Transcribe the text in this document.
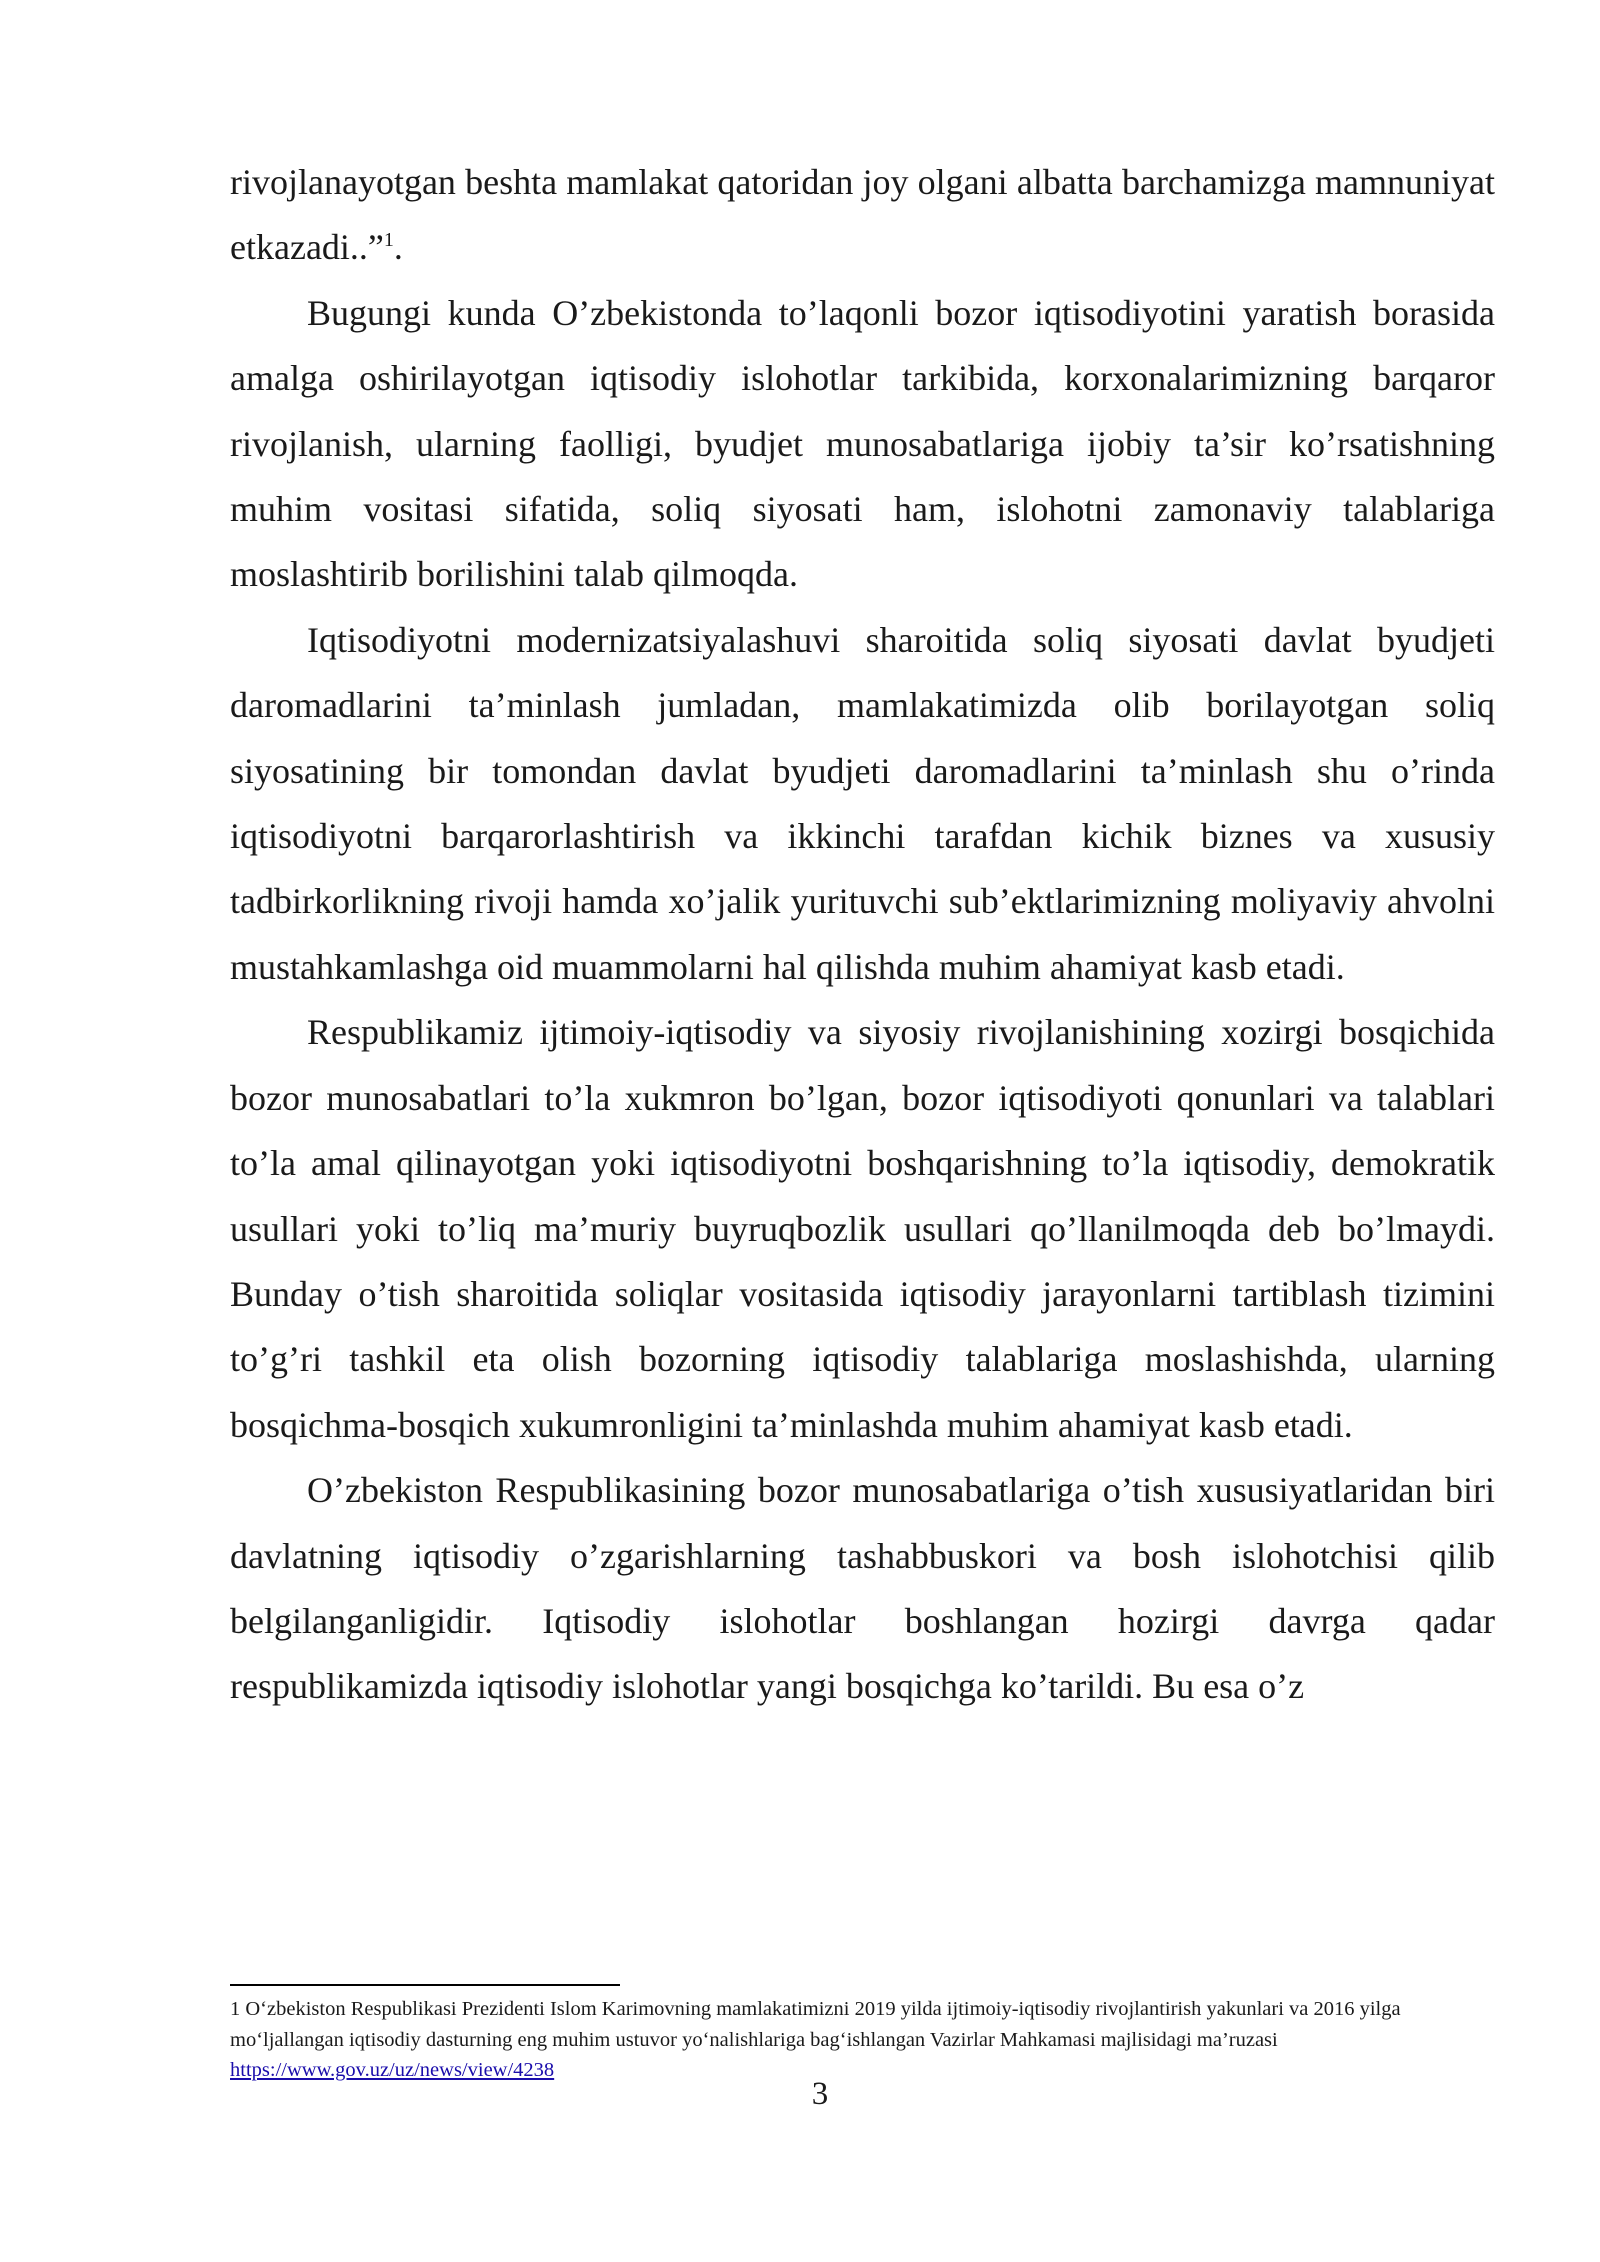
rivojlanayotgan beshta mamlakat qatoridan joy olgani albatta barchamizga mamnuniyat etkazadi..”$^1$.

Bugungi kunda O’zbekistonda to’laqonli bozor iqtisodiyotini yaratish borasida amalga oshirilayotgan iqtisodiy islohotlar tarkibida, korxonalarimizning barqaror rivojlanish, ularning faolligi, byudjet munosabatlariga ijobiy ta’sir ko’rsatishning muhim vositasi sifatida, soliq siyosati ham, islohotni zamonaviy talablariga moslashtirib borilishini talab qilmoqda.

Iqtisodiyotni modernizatsiyalashuvi sharoitida soliq siyosati davlat byudjeti daromadlarini ta’minlash jumladan, mamlakatimizda olib borilayotgan soliq siyosatining bir tomondan davlat byudjeti daromadlarini ta’minlash shu o’rinda iqtisodiyotni barqarorlashtirish va ikkinchi tarafdan kichik biznes va xususiy tadbirkorlikning rivoji hamda xo’jalik yurituvchi sub’ektlarimizning moliyaviy ahvolni mustahkamlashga oid muammolarni hal qilishda muhim ahamiyat kasb etadi.

Respublikamiz ijtimoiy-iqtisodiy va siyosiy rivojlanishining xozirgi bosqichida bozor munosabatlari to’la xukmron bo’lgan, bozor iqtisodiyoti qonunlari va talablari to’la amal qilinayotgan yoki iqtisodiyotni boshqarishning to’la iqtisodiy, demokratik usullari yoki to’liq ma’muriy buyruqbozlik usullari qo’llanilmoqda deb bo’lmaydi. Bunday o’tish sharoitida soliqlar vositasida iqtisodiy jarayonlarni tartiblash tizimini to’g’ri tashkil eta olish bozorning iqtisodiy talablariga moslashishda, ularning bosqichma-bosqich xukumronligini ta’minlashda muhim ahamiyat kasb etadi.

O’zbekiston Respublikasining bozor munosabatlariga o’tish xususiyatlaridan biri davlatning iqtisodiy o’zgarishlarning tashabbuskori va bosh islohotchisi qilib belgilanganligidir. Iqtisodiy islohotlar boshlangan hozirgi davrga qadar respublikamizda iqtisodiy islohotlar yangi bosqichga ko’tarildi. Bu esa o’z

1 O‘zbekiston Respublikasi Prezidenti Islom Karimovning mamlakatimizni 2019 yilda ijtimoiy-iqtisodiy rivojlantirish yakunlari va 2016 yilga mo‘ljallangan iqtisodiy dasturning eng muhim ustuvor yo‘nalishlariga bag‘ishlangan Vazirlar Mahkamasi majlisidagi ma’ruzasi https://www.gov.uz/uz/news/view/4238
3
